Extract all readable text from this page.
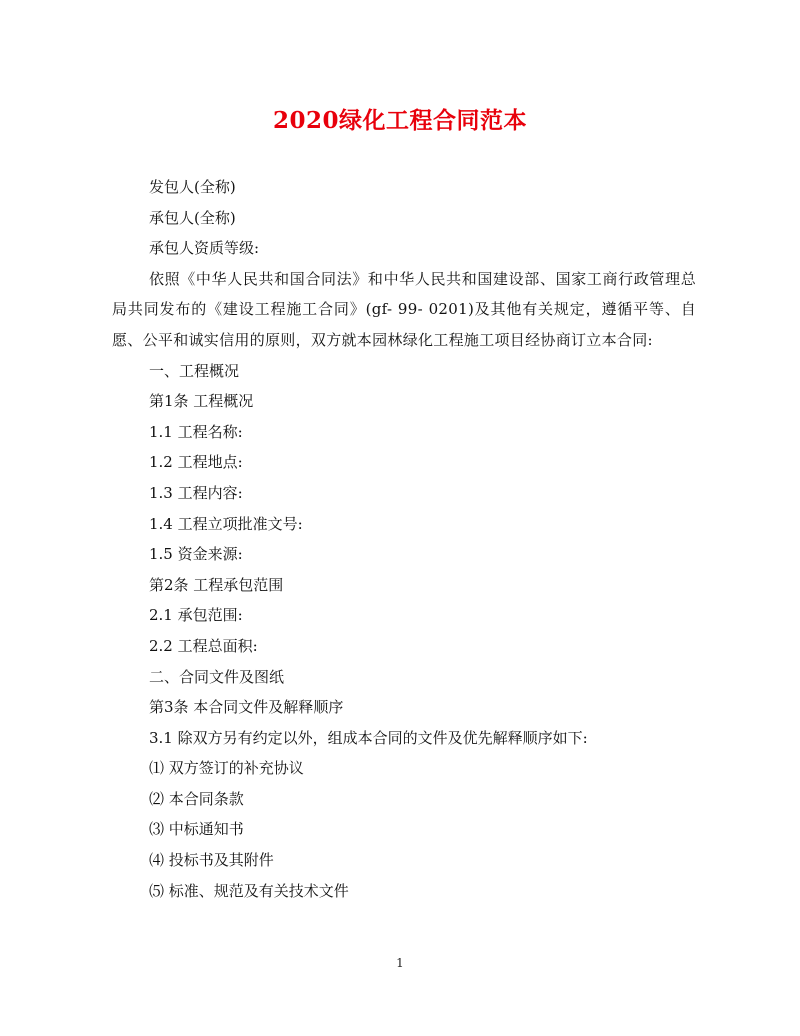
2020绿化工程合同范本
发包人(全称)
承包人(全称)
承包人资质等级:
依照《中华人民共和国合同法》和中华人民共和国建设部、国家工商行政管理总局共同发布的《建设工程施工合同》(gf- 99- 0201)及其他有关规定，遵循平等、自愿、公平和诚实信用的原则，双方就本园林绿化工程施工项目经协商订立本合同:
一、工程概况
第1条 工程概况
1.1 工程名称:
1.2 工程地点:
1.3 工程内容:
1.4 工程立项批准文号:
1.5 资金来源:
第2条 工程承包范围
2.1 承包范围:
2.2 工程总面积:
二、合同文件及图纸
第3条 本合同文件及解释顺序
3.1 除双方另有约定以外，组成本合同的文件及优先解释顺序如下:
⑴ 双方签订的补充协议
⑵ 本合同条款
⑶ 中标通知书
⑷ 投标书及其附件
⑸ 标准、规范及有关技术文件
1
